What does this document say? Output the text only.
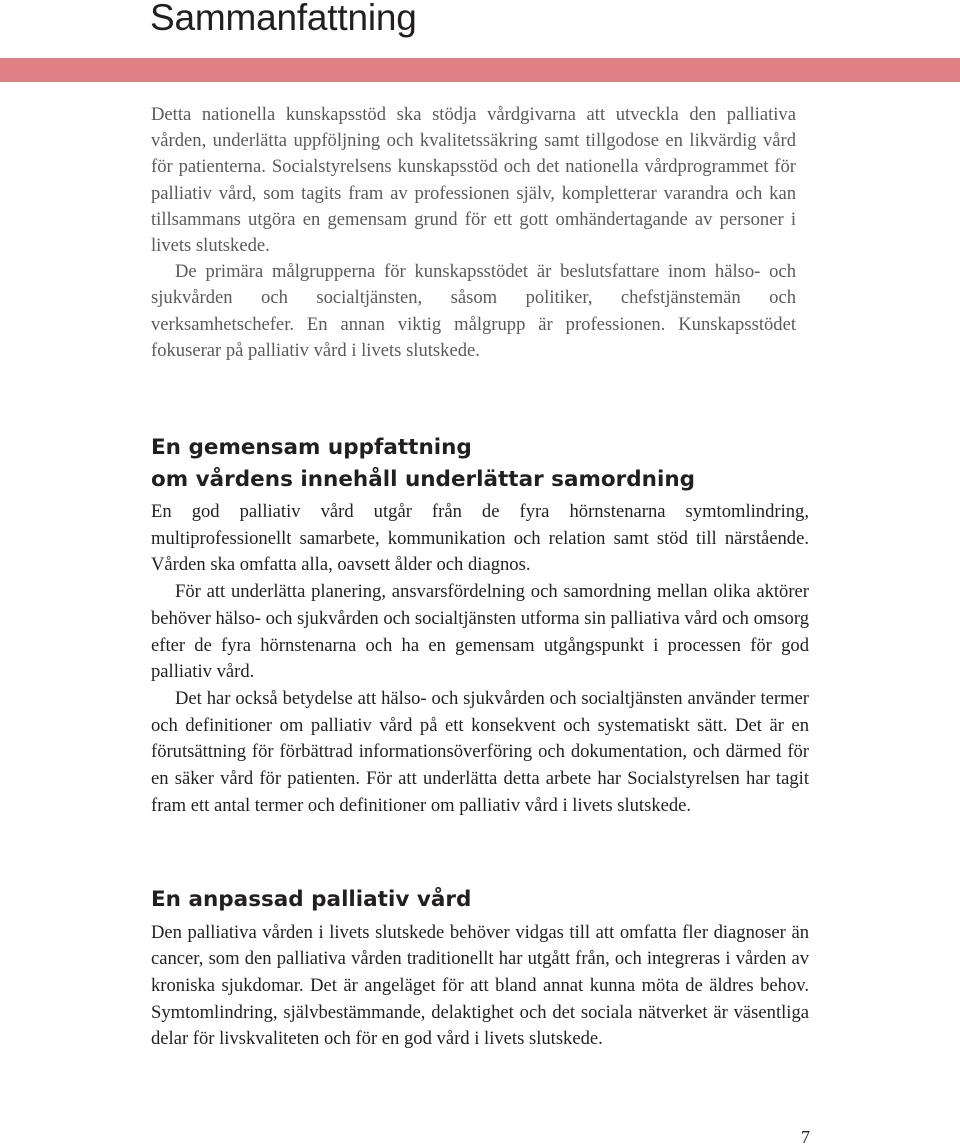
Sammanfattning

Detta nationella kunskapsstöd ska stödja vårdgivarna att utveckla den palliativa vården, underlätta uppföljning och kvalitetssäkring samt tillgodose en likvärdig vård för patienterna. Socialstyrelsens kunskapsstöd och det nationella vårdprogrammet för palliativ vård, som tagits fram av professionen själv, kompletterar varandra och kan tillsammans utgöra en gemensam grund för ett gott omhändertagande av personer i livets slutskede.

De primära målgrupperna för kunskapsstödet är beslutsfattare inom hälso- och sjukvården och socialtjänsten, såsom politiker, chefstjänstemän och verksamhetschefer. En annan viktig målgrupp är professionen. Kunskapsstödet fokuserar på palliativ vård i livets slutskede.

En gemensam uppfattning
om vårdens innehåll underlättar samordning

En god palliativ vård utgår från de fyra hörnstenarna symtomlindring, multiprofessionellt samarbete, kommunikation och relation samt stöd till närstående. Vården ska omfatta alla, oavsett ålder och diagnos.

För att underlätta planering, ansvarsfördelning och samordning mellan olika aktörer behöver hälso- och sjukvården och socialtjänsten utforma sin palliativa vård och omsorg efter de fyra hörnstenarna och ha en gemensam utgångspunkt i processen för god palliativ vård.

Det har också betydelse att hälso- och sjukvården och socialtjänsten använder termer och definitioner om palliativ vård på ett konsekvent och systematiskt sätt. Det är en förutsättning för förbättrad informationsöverföring och dokumentation, och därmed för en säker vård för patienten. För att underlätta detta arbete har Socialstyrelsen har tagit fram ett antal termer och definitioner om palliativ vård i livets slutskede.

En anpassad palliativ vård

Den palliativa vården i livets slutskede behöver vidgas till att omfatta fler diagnoser än cancer, som den palliativa vården traditionellt har utgått från, och integreras i vården av kroniska sjukdomar. Det är angeläget för att bland annat kunna möta de äldres behov. Symtomlindring, självbestämmande, delaktighet och det sociala nätverket är väsentliga delar för livskvaliteten och för en god vård i livets slutskede.

7
